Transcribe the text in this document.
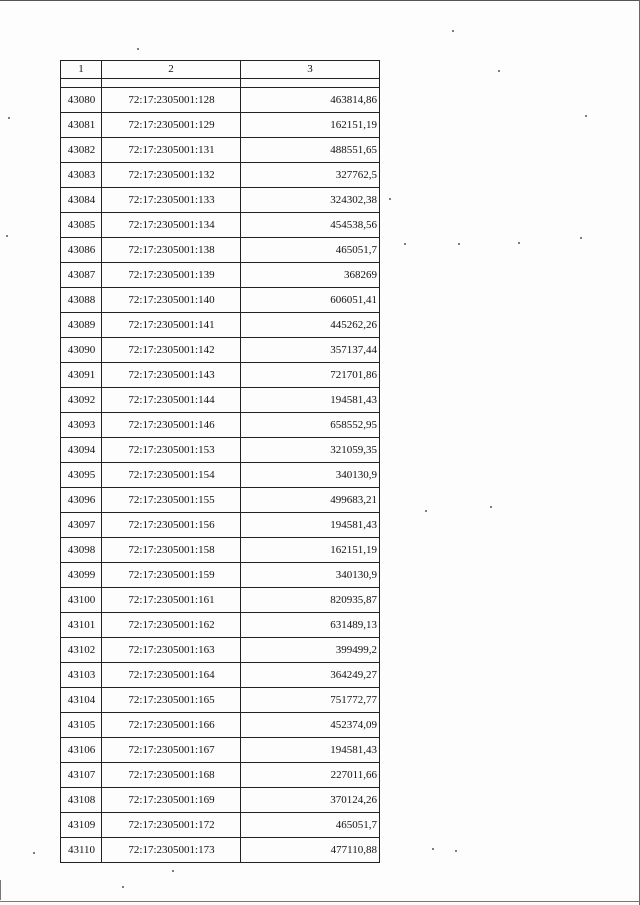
1	2	3

43080	72:17:2305001:128	463814,86
43081	72:17:2305001:129	162151,19
43082	72:17:2305001:131	488551,65
43083	72:17:2305001:132	327762,5
43084	72:17:2305001:133	324302,38
43085	72:17:2305001:134	454538,56
43086	72:17:2305001:138	465051,7
43087	72:17:2305001:139	368269
43088	72:17:2305001:140	606051,41
43089	72:17:2305001:141	445262,26
43090	72:17:2305001:142	357137,44
43091	72:17:2305001:143	721701,86
43092	72:17:2305001:144	194581,43
43093	72:17:2305001:146	658552,95
43094	72:17:2305001:153	321059,35
43095	72:17:2305001:154	340130,9
43096	72:17:2305001:155	499683,21
43097	72:17:2305001:156	194581,43
43098	72:17:2305001:158	162151,19
43099	72:17:2305001:159	340130,9
43100	72:17:2305001:161	820935,87
43101	72:17:2305001:162	631489,13
43102	72:17:2305001:163	399499,2
43103	72:17:2305001:164	364249,27
43104	72:17:2305001:165	751772,77
43105	72:17:2305001:166	452374,09
43106	72:17:2305001:167	194581,43
43107	72:17:2305001:168	227011,66
43108	72:17:2305001:169	370124,26
43109	72:17:2305001:172	465051,7
43110	72:17:2305001:173	477110,88
